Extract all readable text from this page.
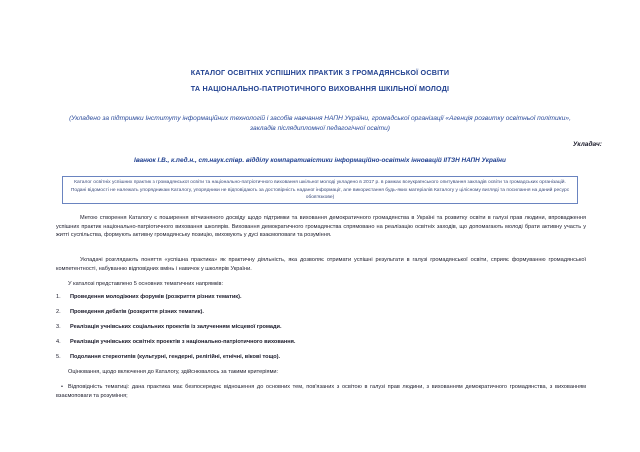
КАТАЛОГ ОСВІТНІХ УСПІШНИХ ПРАКТИК З ГРОМАДЯНСЬКОЇ ОСВІТИ
ТА НАЦІОНАЛЬНО-ПАТРІОТИЧНОГО ВИХОВАННЯ ШКІЛЬНОЇ МОЛОДІ
(Укладено за підтримки Інституту інформаційних технологій і засобів навчання НАПН України, громадської організації «Агенція розвитку освітньої політики», закладів післядипломної педагогічної освіти)
Укладач:
Іванюк І.В., к.пед.н., ст.наук.співр. відділу компаративістики інформаційно-освітніх інновацій ІІТЗН НАПН України
Каталог освітніх успішних практик з громадянської освіти та національно-патріотичного виховання шкільної молоді укладено в 2017 р. в рамках всеукраїнського опитування закладів освіти та громадських організацій. Подані відомості не належать упорядникам Каталогу, упорядники не відповідають за достовірність наданої інформації, але використання будь-яких матеріалів Каталогу у цілісному вигляді та посилання на даний ресурс обов'язкове)
Метою створення Каталогу є поширення вітчизняного досвіду щодо підтримки та виховання демократичного громадянства в Україні та розвитку освіти в галузі прав людини, впровадження успішних практик національно-патріотичного виховання школярів. Виховання демократичного громадянства спрямовано на реалізацію освітніх заходів, що допомагають молоді брати активну участь у житті суспільства, формують активну громадянську позицію, виховують у дусі взаємоповаги та розуміння.
Укладачі розглядають поняття «успішна практика» як практичну діяльність, яка дозволяє отримати успішні результати в галузі громадянської освіти, сприяє формуванню громадянської компетентності, набуванню відповідних вмінь і навичок у школярів України.
У каталозі представлено 5 основних тематичних напрямків:
1. Проведення молодіжних форумів (розкриття різних тематик).
2. Проведення дебатів (розкриття різних тематик).
3. Реалізація учнівських соціальних проектів із залученням місцевої громади.
4. Реалізація учнівських освітніх проектів з національно-патріотичного виховання.
5. Подолання стереотипів (культурні, гендерні, релігійні, етнічні, вікові тощо).
Оцінювання, щодо включення до Каталогу, здійснювалось за такими критеріями:
• Відповідність тематиці: дана практика має безпосереднє відношення до основних тем, пов'язаних з освітою в галузі прав людини, з вихованням демократичного громадянства, з вихованням взаємоповаги та розуміння;
